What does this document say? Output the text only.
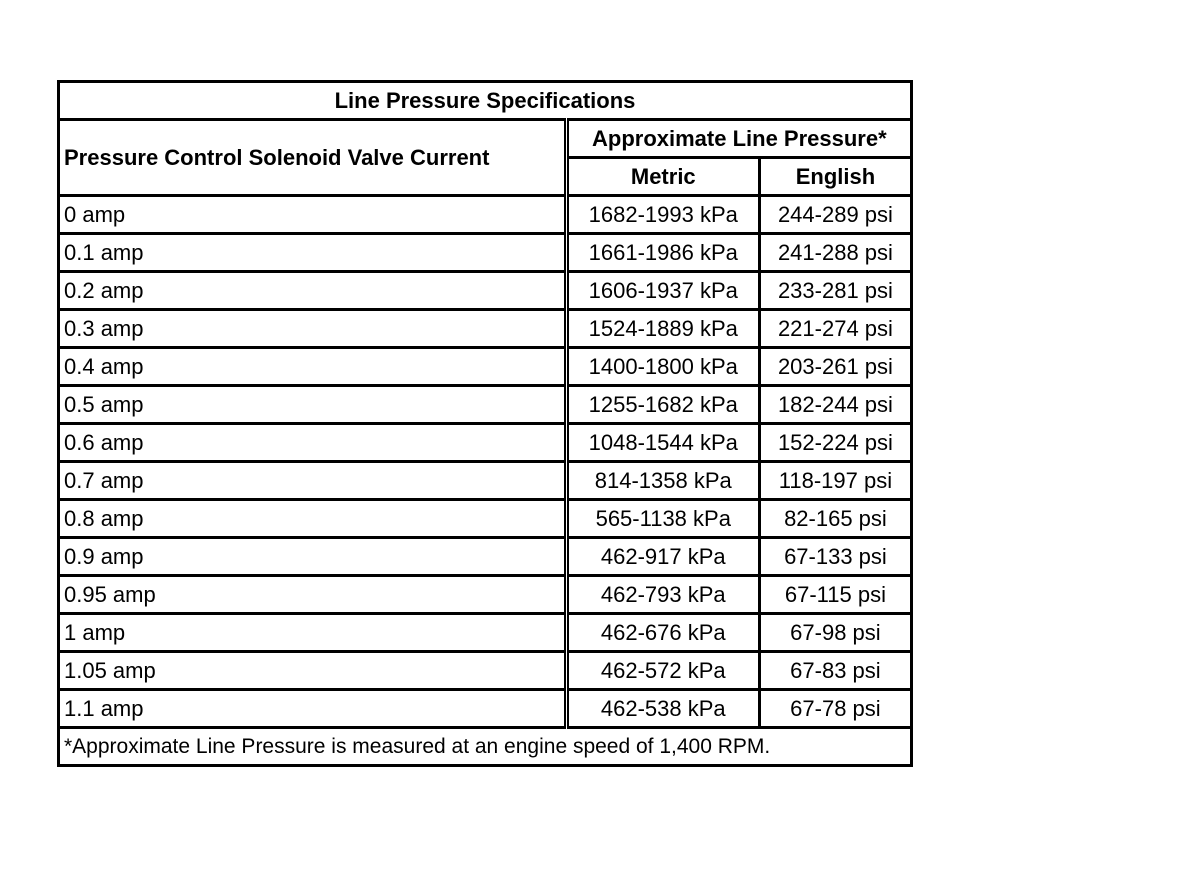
Line Pressure Specifications		
Pressure Control Solenoid Valve Current	Approximate Line Pressure*	
	Metric	English
0 amp	1682-1993 kPa	244-289 psi
0.1 amp	1661-1986 kPa	241-288 psi
0.2 amp	1606-1937 kPa	233-281 psi
0.3 amp	1524-1889 kPa	221-274 psi
0.4 amp	1400-1800 kPa	203-261 psi
0.5 amp	1255-1682 kPa	182-244 psi
0.6 amp	1048-1544 kPa	152-224 psi
0.7 amp	814-1358 kPa	118-197 psi
0.8 amp	565-1138 kPa	82-165 psi
0.9 amp	462-917 kPa	67-133 psi
0.95 amp	462-793 kPa	67-115 psi
1 amp	462-676 kPa	67-98 psi
1.05 amp	462-572 kPa	67-83 psi
1.1 amp	462-538 kPa	67-78 psi
*Approximate Line Pressure is measured at an engine speed of 1,400 RPM.		
